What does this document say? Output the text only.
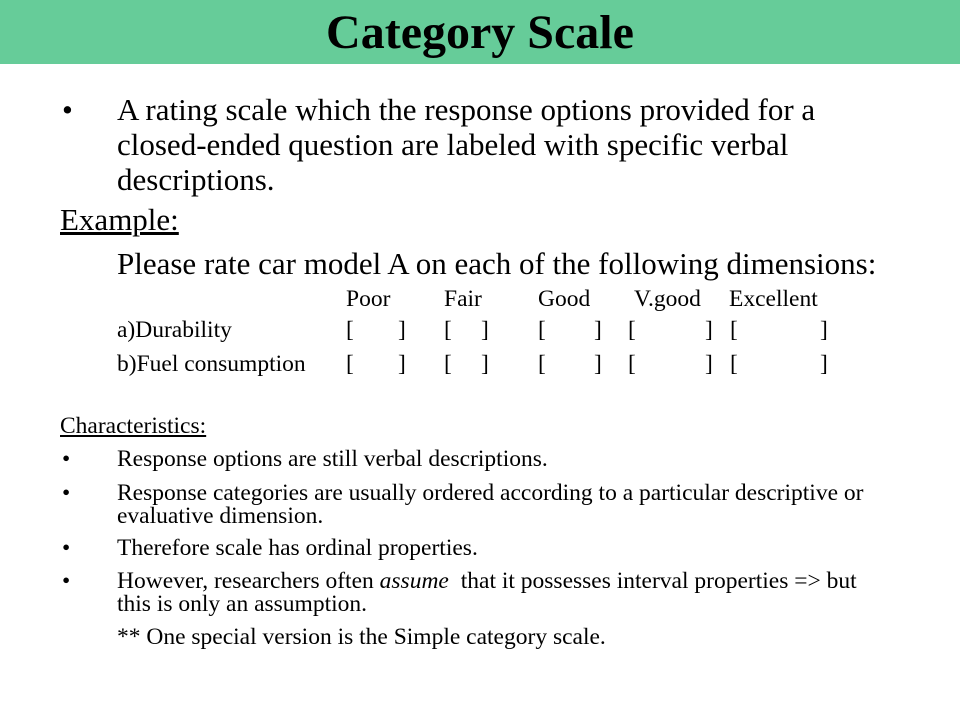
Category Scale
• A rating scale which the response options provided for a
closed-ended question are labeled with specific verbal
descriptions.
Example:
Please rate car model A on each of the following dimensions:
Poor Fair Good V.good Excellent
a)Durability	[ ] [ ] [ ] [	] [	]
b)Fuel consumption [ ] [ ] [ ] [	] [	]
Characteristics:
• Response options are still verbal descriptions.
• Response categories are usually ordered according to a particular descriptive or
evaluative dimension.
• Therefore scale has ordinal properties.
• However, researchers often assume that it possesses interval properties => but
this is only an assumption.
** One special version is the Simple category scale.
